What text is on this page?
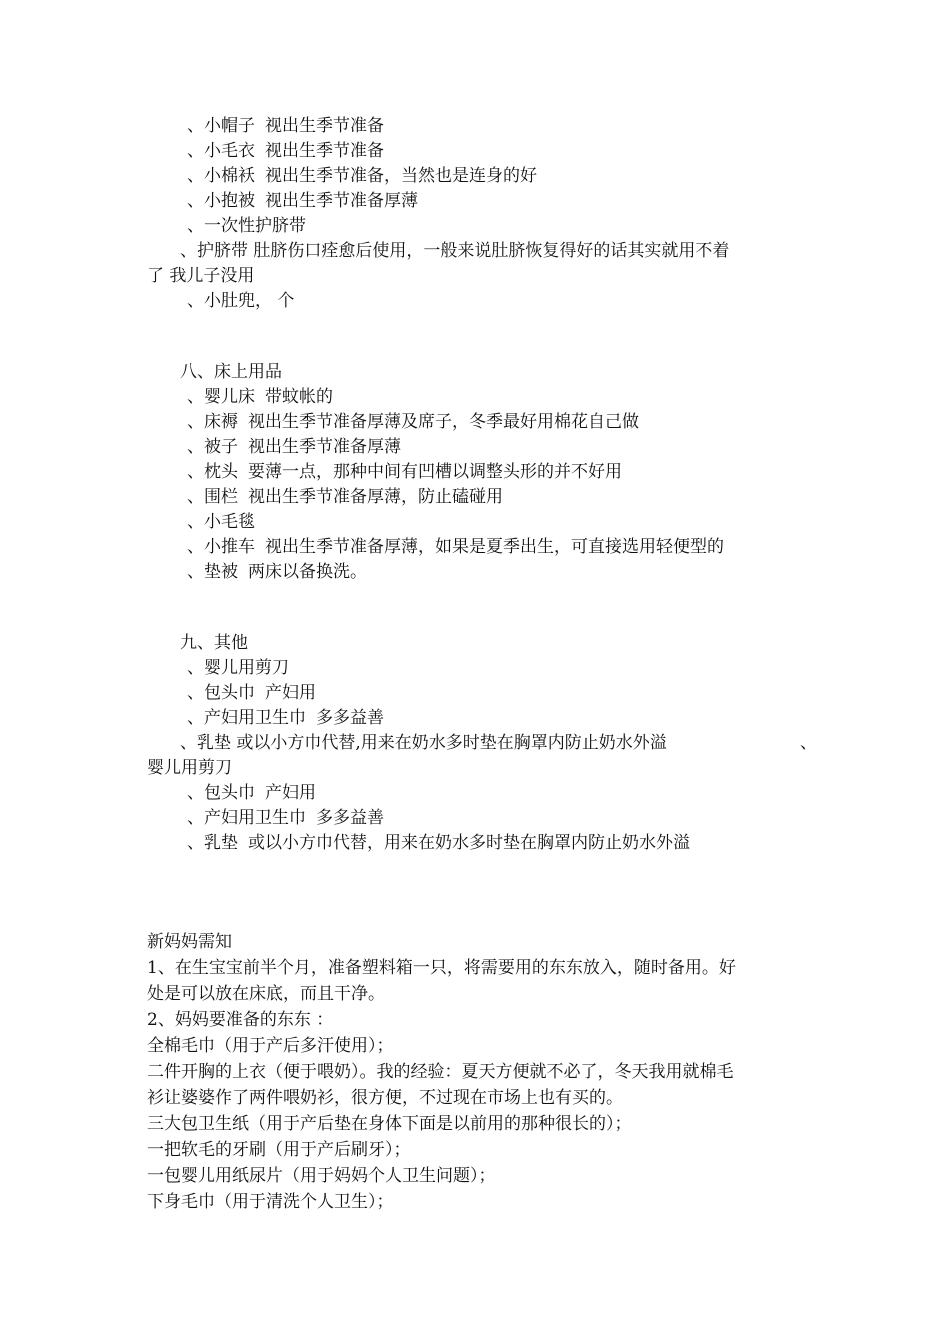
、小帽子 视出生季节准备
、小毛衣 视出生季节准备
、小棉袄 视出生季节准备，当然也是连身的好
、小抱被 视出生季节准备厚薄
、一次性护脐带
、护脐带 肚脐伤口痊愈后使用，一般来说肚脐恢复得好的话其实就用不着
了 我儿子没用
、小肚兜， 个
八、床上用品
、婴儿床 带蚊帐的
、床褥 视出生季节准备厚薄及席子，冬季最好用棉花自己做
、被子 视出生季节准备厚薄
、枕头 要薄一点，那种中间有凹槽以调整头形的并不好用
、围栏 视出生季节准备厚薄，防止磕碰用
、小毛毯
、小推车 视出生季节准备厚薄，如果是夏季出生，可直接选用轻便型的
、垫被 两床以备换洗。
九、其他
、婴儿用剪刀
、包头巾 产妇用
、产妇用卫生巾 多多益善
、乳垫 或以小方巾代替,用来在奶水多时垫在胸罩内防止奶水外溢	、
婴儿用剪刀
、包头巾 产妇用
、产妇用卫生巾 多多益善
、乳垫 或以小方巾代替，用来在奶水多时垫在胸罩内防止奶水外溢
新妈妈需知
1、在生宝宝前半个月，准备塑料箱一只，将需要用的东东放入，随时备用。好
处是可以放在床底，而且干净。
2、妈妈要准备的东东 ：
全棉毛巾（用于产后多汗使用）；
二件开胸的上衣（便于喂奶）。我的经验：夏天方便就不必了，冬天我用就棉毛
衫让婆婆作了两件喂奶衫，很方便，不过现在市场上也有买的。
三大包卫生纸（用于产后垫在身体下面是以前用的那种很长的）；
一把软毛的牙刷（用于产后刷牙）；
一包婴儿用纸尿片（用于妈妈个人卫生问题）；
下身毛巾（用于清洗个人卫生）；
